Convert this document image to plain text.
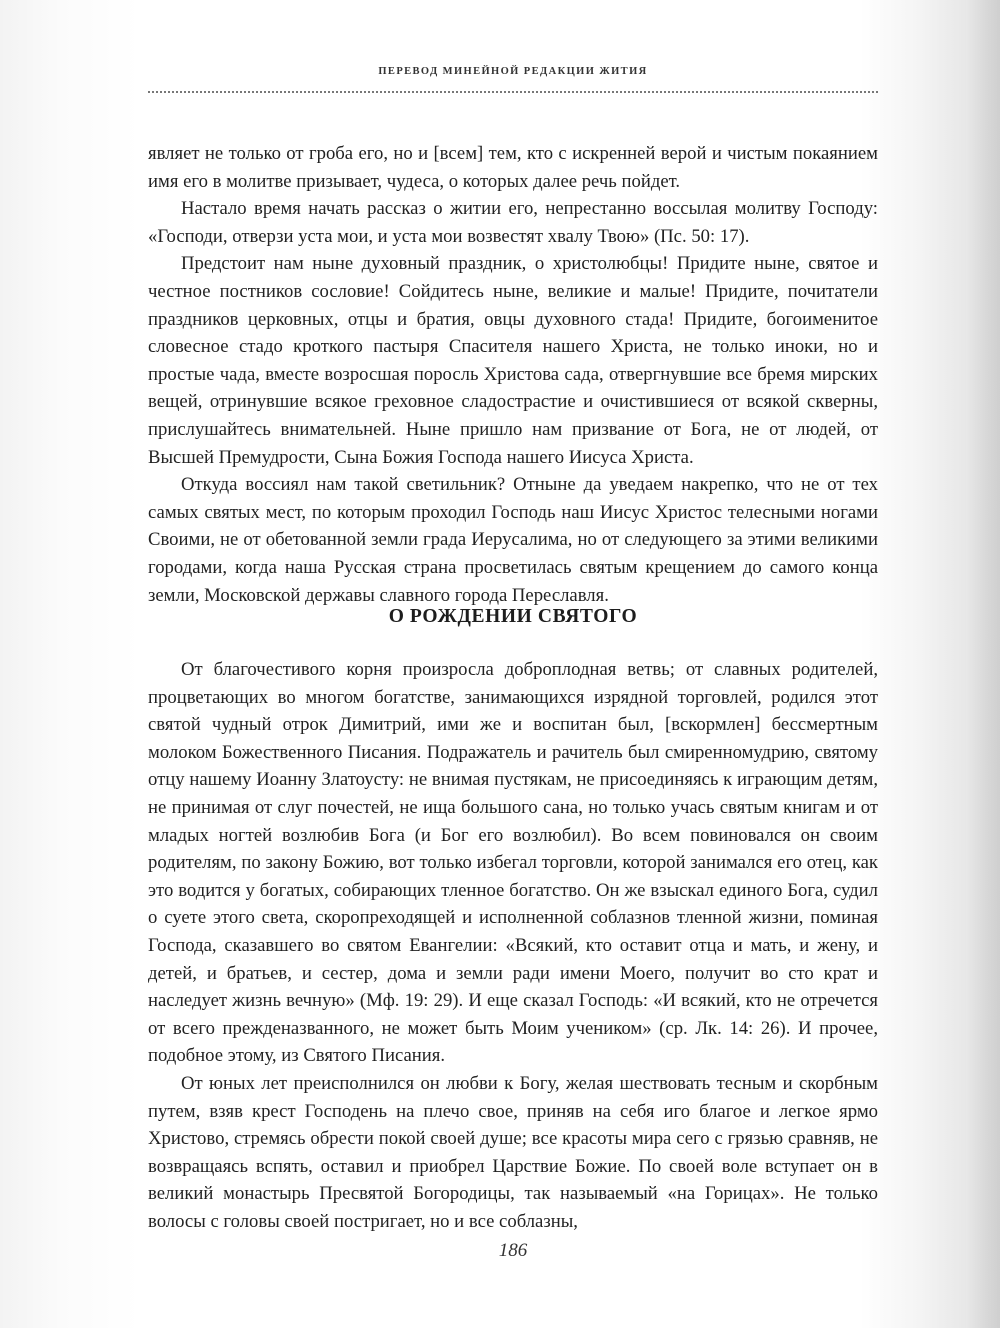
ПЕРЕВОД МИНЕЙНОЙ РЕДАКЦИИ ЖИТИЯ

являет не только от гроба его, но и [всем] тем, кто с искренней верой и чистым покаянием имя его в молитве призывает, чудеса, о которых далее речь пойдет.

Настало время начать рассказ о житии его, непрестанно воссылая молитву Господу: «Господи, отверзи уста мои, и уста мои возвестят хвалу Твою» (Пс. 50: 17).

Предстоит нам ныне духовный праздник, о христолюбцы! Придите ныне, святое и честное постников сословие! Сойдитесь ныне, великие и малые! Придите, почитатели праздников церковных, отцы и братия, овцы духовного стада! Придите, богоименитое словесное стадо кроткого пастыря Спасителя нашего Христа, не только иноки, но и простые чада, вместе возросшая поросль Христова сада, отвергнувшие все бремя мирских вещей, отринувшие всякое греховное сладострастие и очистившиеся от всякой скверны, прислушайтесь внимательней. Ныне пришло нам призвание от Бога, не от людей, от Высшей Премудрости, Сына Божия Господа нашего Иисуса Христа.

Откуда воссиял нам такой светильник? Отныне да уведаем накрепко, что не от тех самых святых мест, по которым проходил Господь наш Иисус Христос телесными ногами Своими, не от обетованной земли града Иерусалима, но от следующего за этими великими городами, когда наша Русская страна просветилась святым крещением до самого конца земли, Московской державы славного города Переславля.

О РОЖДЕНИИ СВЯТОГО

От благочестивого корня произросла доброплодная ветвь; от славных родителей, процветающих во многом богатстве, занимающихся изрядной торговлей, родился этот святой чудный отрок Димитрий, ими же и воспитан был, [вскормлен] бессмертным молоком Божественного Писания. Подражатель и рачитель был смиренномудрию, святому отцу нашему Иоанну Златоусту: не внимая пустякам, не присоединяясь к играющим детям, не принимая от слуг почестей, не ища большого сана, но только учась святым книгам и от младых ногтей возлюбив Бога (и Бог его возлюбил). Во всем повиновался он своим родителям, по закону Божию, вот только избегал торговли, которой занимался его отец, как это водится у богатых, собирающих тленное богатство. Он же взыскал единого Бога, судил о суете этого света, скоропреходящей и исполненной соблазнов тленной жизни, поминая Господа, сказавшего во святом Евангелии: «Всякий, кто оставит отца и мать, и жену, и детей, и братьев, и сестер, дома и земли ради имени Моего, получит во сто крат и наследует жизнь вечную» (Мф. 19: 29). И еще сказал Господь: «И всякий, кто не отречется от всего прежденазванного, не может быть Моим учеником» (ср. Лк. 14: 26). И прочее, подобное этому, из Святого Писания.

От юных лет преисполнился он любви к Богу, желая шествовать тесным и скорбным путем, взяв крест Господень на плечо свое, приняв на себя иго благое и легкое ярмо Христово, стремясь обрести покой своей душе; все красоты мира сего с грязью сравняв, не возвращаясь вспять, оставил и приобрел Царствие Божие. По своей воле вступает он в великий монастырь Пресвятой Богородицы, так называемый «на Горицах». Не только волосы с головы своей постригает, но и все соблазны,

186
